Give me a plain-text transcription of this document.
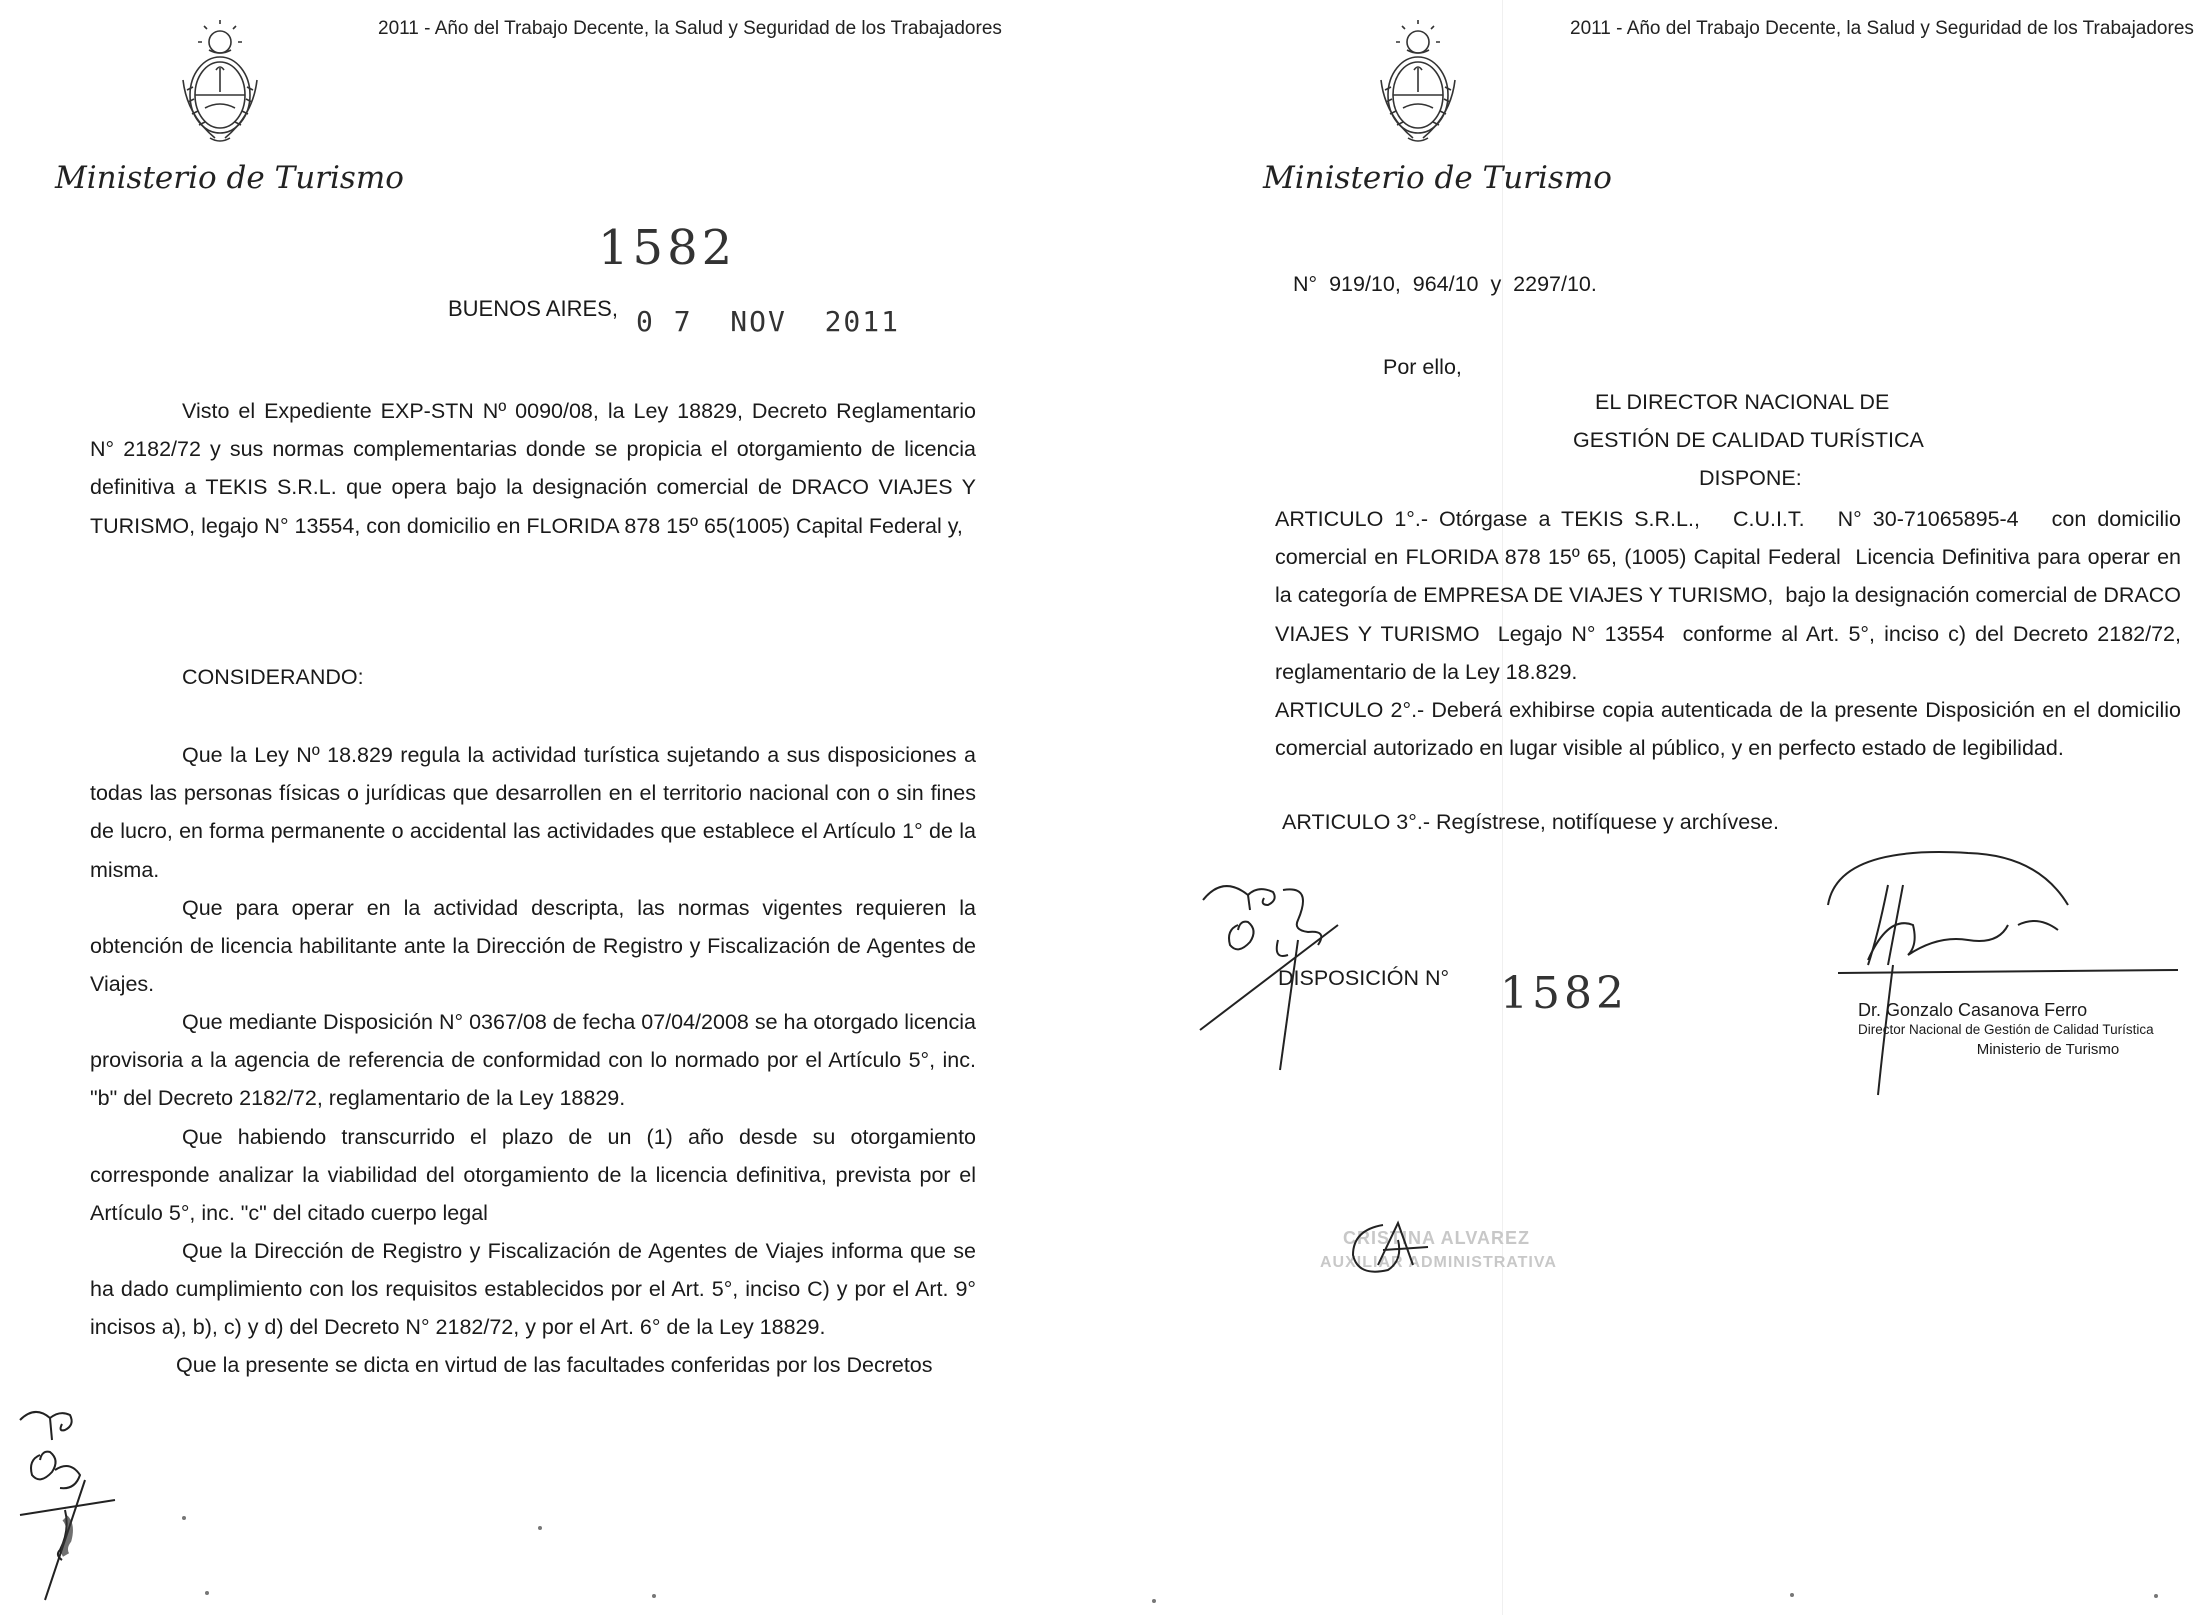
2011 - Año del Trabajo Decente, la Salud y Seguridad de los Trabajadores
Ministerio de Turismo
1582
BUENOS AIRES, 0 7  NOV  2011

Visto el Expediente EXP-STN Nº 0090/08, la Ley 18829, Decreto Reglamentario N° 2182/72 y sus normas complementarias donde se propicia el otorgamiento de licencia definitiva a TEKIS S.R.L. que opera bajo la designación comercial de DRACO VIAJES Y TURISMO, legajo N° 13554, con domicilio en FLORIDA 878 15º 65(1005) Capital Federal y,

CONSIDERANDO:

Que la Ley Nº 18.829 regula la actividad turística sujetando a sus disposiciones a todas las personas físicas o jurídicas que desarrollen en el territorio nacional con o sin fines de lucro, en forma permanente o accidental las actividades que establece el Artículo 1° de la misma.

Que para operar en la actividad descripta, las normas vigentes requieren la obtención de licencia habilitante ante la Dirección de Registro y Fiscalización de Agentes de Viajes.

Que mediante Disposición N° 0367/08 de fecha 07/04/2008 se ha otorgado licencia provisoria a la agencia de referencia de conformidad con lo normado por el Artículo 5°, inc. "b" del Decreto 2182/72, reglamentario de la Ley 18829.

Que habiendo transcurrido el plazo de un (1) año desde su otorgamiento corresponde analizar la viabilidad del otorgamiento de la licencia definitiva, prevista por el Artículo 5°, inc. "c" del citado cuerpo legal

Que la Dirección de Registro y Fiscalización de Agentes de Viajes informa que se ha dado cumplimiento con los requisitos establecidos por el Art. 5°, inciso C) y por el Art. 9° incisos a), b), c) y d) del Decreto N° 2182/72, y por el Art. 6° de la Ley 18829.

Que la presente se dicta en virtud de las facultades conferidas por los Decretos

2011 - Año del Trabajo Decente, la Salud y Seguridad de los Trabajadores
Ministerio de Turismo
N°  919/10,  964/10  y  2297/10.
Por ello,
EL DIRECTOR NACIONAL DE
GESTIÓN DE CALIDAD TURÍSTICA
DISPONE:

ARTICULO 1°.- Otórgase a TEKIS S.R.L.,   C.U.I.T.   N° 30-71065895-4   con domicilio comercial en FLORIDA 878 15º 65, (1005) Capital Federal  Licencia Definitiva para operar en la categoría de EMPRESA DE VIAJES Y TURISMO,  bajo la designación comercial de DRACO VIAJES Y TURISMO  Legajo N° 13554  conforme al Art. 5°, inciso c) del Decreto 2182/72, reglamentario de la Ley 18.829.

ARTICULO 2°.- Deberá exhibirse copia autenticada de la presente Disposición en el domicilio comercial autorizado en lugar visible al público, y en perfecto estado de legibilidad.

ARTICULO 3°.- Regístrese, notifíquese y archívese.
DISPOSICIÓN N° 1582	Dr. Gonzalo Casanova Ferro
Director Nacional de Gestión de Calidad Turística
Ministerio de Turismo
CRISTINA ALVAREZ
AUXILIAR ADMINISTRATIVA
